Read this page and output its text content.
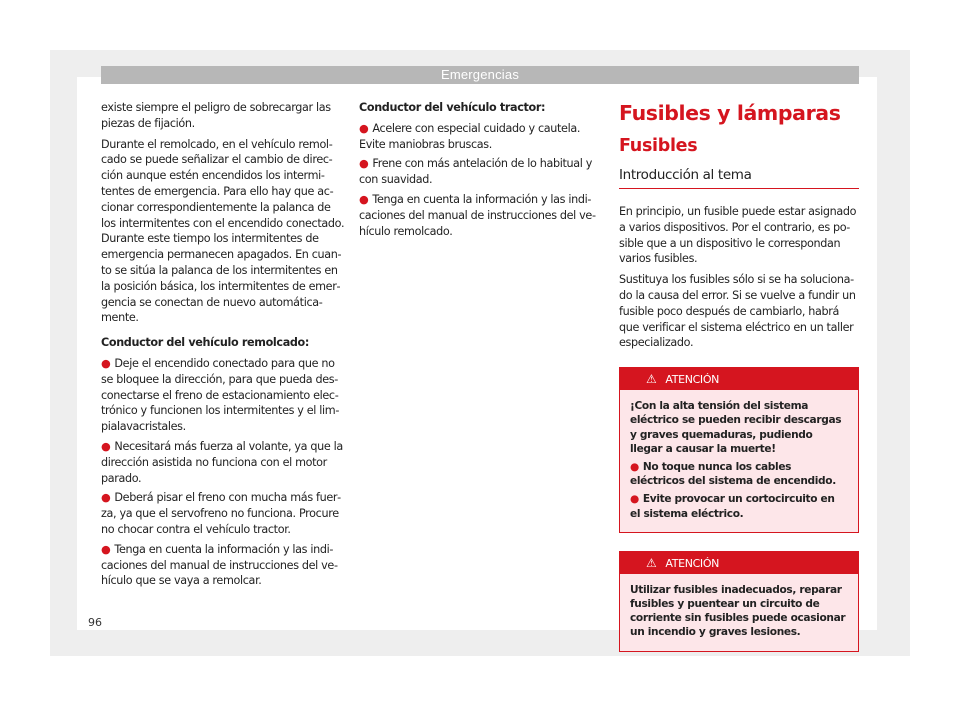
Emergencias

existe siempre el peligro de sobrecargar las piezas de fijación.

Durante el remolcado, en el vehículo remolcado se puede señalizar el cambio de dirección aunque estén encendidos los intermitentes de emergencia. Para ello hay que accionar correspondientemente la palanca de los intermitentes con el encendido conectado. Durante este tiempo los intermitentes de emergencia permanecen apagados. En cuanto se sitúa la palanca de los intermitentes en la posición básica, los intermitentes de emergencia se conectan de nuevo automáticamente.

Conductor del vehículo remolcado:

● Deje el encendido conectado para que no se bloquee la dirección, para que pueda desconectarse el freno de estacionamiento electrónico y funcionen los intermitentes y el limpialavacristales.
● Necesitará más fuerza al volante, ya que la dirección asistida no funciona con el motor parado.
● Deberá pisar el freno con mucha más fuerza, ya que el servofreno no funciona. Procure no chocar contra el vehículo tractor.
● Tenga en cuenta la información y las indicaciones del manual de instrucciones del vehículo que se vaya a remolcar.

Conductor del vehículo tractor:

● Acelere con especial cuidado y cautela. Evite maniobras bruscas.
● Frene con más antelación de lo habitual y con suavidad.
● Tenga en cuenta la información y las indicaciones del manual de instrucciones del vehículo remolcado.
Fusibles y lámparas
Fusibles
Introducción al tema

En principio, un fusible puede estar asignado a varios dispositivos. Por el contrario, es posible que a un dispositivo le correspondan varios fusibles.

Sustituya los fusibles sólo si se ha solucionado la causa del error. Si se vuelve a fundir un fusible poco después de cambiarlo, habrá que verificar el sistema eléctrico en un taller especializado.

⚠ ATENCIÓN

¡Con la alta tensión del sistema eléctrico se pueden recibir descargas y graves quemaduras, pudiendo llegar a causar la muerte!

● No toque nunca los cables eléctricos del sistema de encendido.

● Evite provocar un cortocircuito en el sistema eléctrico.

⚠ ATENCIÓN

Utilizar fusibles inadecuados, reparar fusibles y puentear un circuito de corriente sin fusibles puede ocasionar un incendio y graves lesiones.

96
